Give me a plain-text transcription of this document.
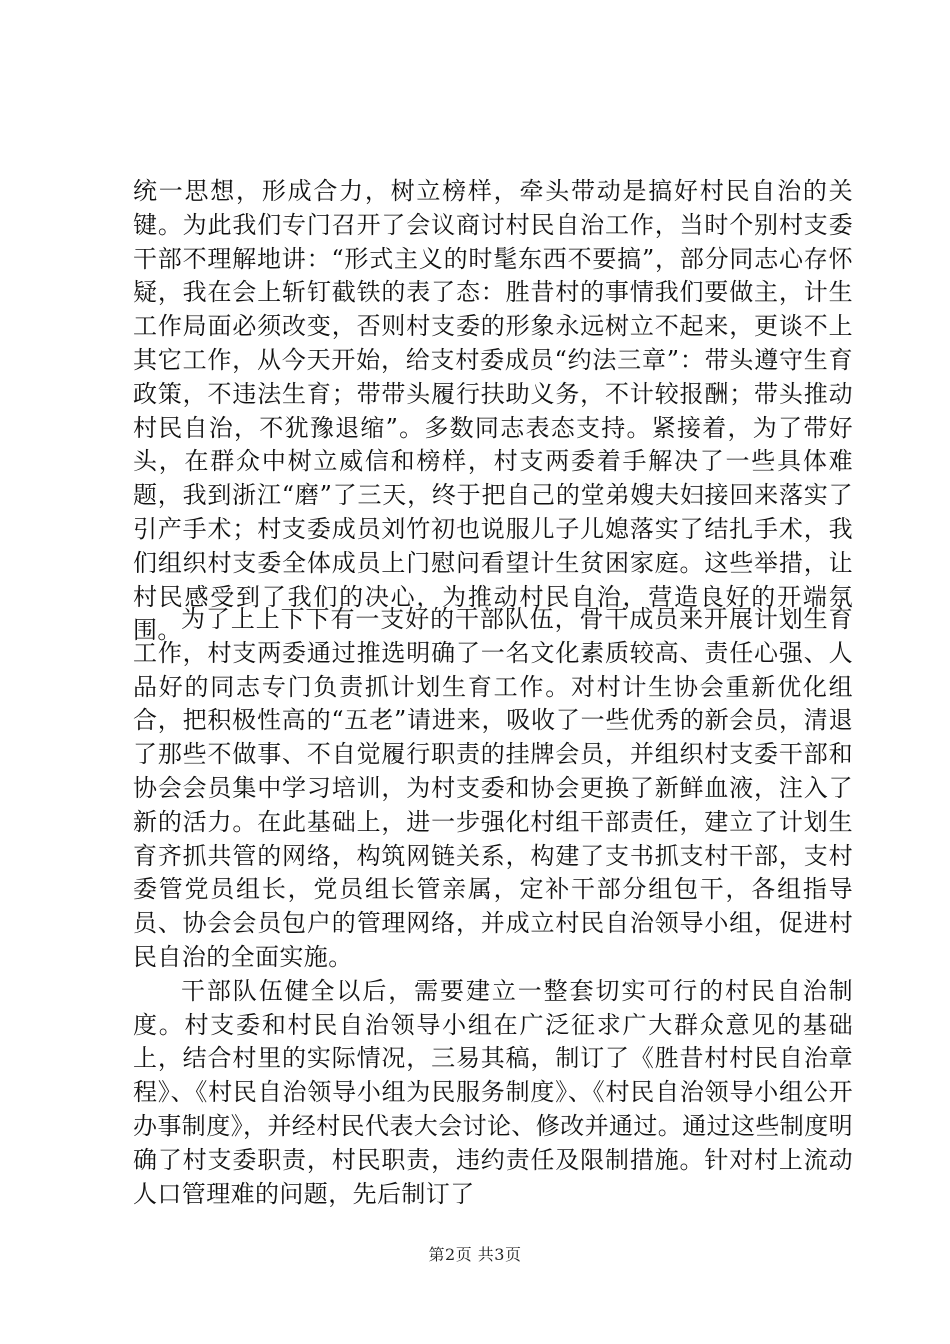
统一思想，形成合力，树立榜样，牵头带动是搞好村民自治的关键。为此我们专门召开了会议商讨村民自治工作，当时个别村支委干部不理解地讲：“形式主义的时髦东西不要搞”，部分同志心存怀疑，我在会上斩钉截铁的表了态：胜昔村的事情我们要做主，计生工作局面必须改变，否则村支委的形象永远树立不起来，更谈不上其它工作，从今天开始，给支村委成员“约法三章”：带头遵守生育政策，不违法生育；带带头履行扶助义务，不计较报酬；带头推动村民自治，不犹豫退缩”。多数同志表态支持。紧接着，为了带好头，在群众中树立威信和榜样，村支两委着手解决了一些具体难题，我到浙江“磨”了三天，终于把自己的堂弟嫂夫妇接回来落实了引产手术；村支委成员刘竹初也说服儿子儿媳落实了结扎手术，我们组织村支委全体成员上门慰问看望计生贫困家庭。这些举措，让村民感受到了我们的决心，为推动村民自治，营造良好的开端氛围。 为了上上下下有一支好的干部队伍，骨干成员来开展计划生育工作，村支两委通过推选明确了一名文化素质较高、责任心强、人品好的同志专门负责抓计划生育工作。对村计生协会重新优化组合，把积极性高的“五老”请进来，吸收了一些优秀的新会员，清退了那些不做事、不自觉履行职责的挂牌会员，并组织村支委干部和协会会员集中学习培训，为村支委和协会更换了新鲜血液，注入了新的活力。在此基础上，进一步强化村组干部责任，建立了计划生育齐抓共管的网络，构筑网链关系，构建了支书抓支村干部，支村委管党员组长，党员组长管亲属，定补干部分组包干，各组指导员、协会会员包户的管理网络，并成立村民自治领导小组，促进村民自治的全面实施。

干部队伍健全以后，需要建立一整套切实可行的村民自治制度。村支委和村民自治领导小组在广泛征求广大群众意见的基础上，结合村里的实际情况，三易其稿，制订了《胜昔村村民自治章程》、《村民自治领导小组为民服务制度》、《村民自治领导小组公开办事制度》，并经村民代表大会讨论、修改并通过。通过这些制度明确了村支委职责，村民职责，违约责任及限制措施。针对村上流动人口管理难的问题，先后制订了

第2页 共3页
